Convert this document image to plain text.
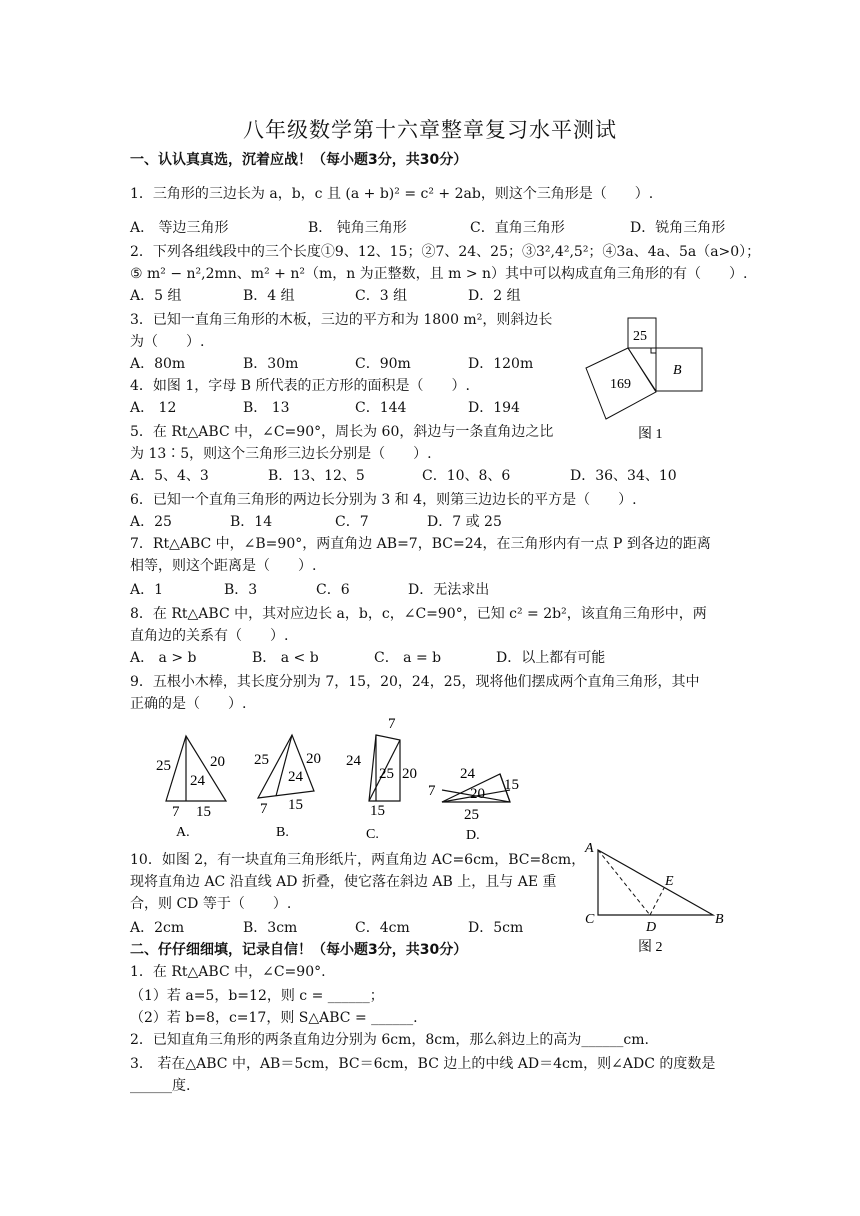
八年级数学第十六章整章复习水平测试
一、认认真真选，沉着应战！（每小题3分，共30分）
1．三角形的三边长为 a，b，c 且 (a + b)² = c² + 2ab，则这个三角形是（　　）.
A． 等边三角形	B． 钝角三角形	C．直角三角形	D．锐角三角形
2．下列各组线段中的三个长度①9、12、15；②7、24、25；③3²,4²,5²；④3a、4a、5a（a>0）；
⑤ m² − n²,2mn、m² + n²（m，n 为正整数，且 m > n）其中可以构成直角三角形的有（　　）.
A．5 组	B．4 组	C．3 组	D．2 组
3．已知一直角三角形的木板，三边的平方和为 1800 m²，则斜边长
为（　　）.
A．80m	B．30m	C．90m	D．120m
4．如图 1，字母 B 所代表的正方形的面积是（　　）.
A． 12	B． 13	C．144	D．194
25
169
B
图 1
5．在 Rt△ABC 中，∠C=90°，周长为 60，斜边与一条直角边之比
为 13∶5，则这个三角形三边长分别是（　　）.
A．5、4、3	B．13、12、5	C．10、8、6	D．36、34、10
6．已知一个直角三角形的两边长分别为 3 和 4，则第三边边长的平方是（　　）.
A．25	B．14	C．7	D．7 或 25
7．Rt△ABC 中，∠B=90°，两直角边 AB=7，BC=24，在三角形内有一点 P 到各边的距离
相等，则这个距离是（　　）.
A．1	B．3	C．6	D．无法求出
8．在 Rt△ABC 中，其对应边长 a，b，c，∠C=90°，已知 c² = 2b²，该直角三角形中，两
直角边的关系有（　　）.
A． a > b	B． a < b	C． a = b	D．以上都有可能
9．五根小木棒，其长度分别为 7，15，20，24，25，现将他们摆成两个直角三角形，其中
正确的是（　　）.
25	20
24
7 15
A.
25 20
24
7 15
B.
7
24
25 20
15
C.
24
7 20
15
25
D.
10．如图 2，有一块直角三角形纸片，两直角边 AC=6cm，BC=8cm，
现将直角边 AC 沿直线 AD 折叠，使它落在斜边 AB 上，且与 AE 重
合，则 CD 等于（　　）.
A．2cm	B．3cm	C．4cm	D．5cm
A
C	B
D
E
图 2
二、仔仔细细填，记录自信！（每小题3分，共30分）
1．在 Rt△ABC 中，∠C=90°.
（1）若 a=5，b=12，则 c = ______；
（2）若 b=8，c=17，则 S△ABC = ______.
2．已知直角三角形的两条直角边分别为 6cm，8cm，那么斜边上的高为______cm.
3． 若在△ABC 中，AB＝5cm，BC＝6cm，BC 边上的中线 AD＝4cm，则∠ADC 的度数是
______度.
